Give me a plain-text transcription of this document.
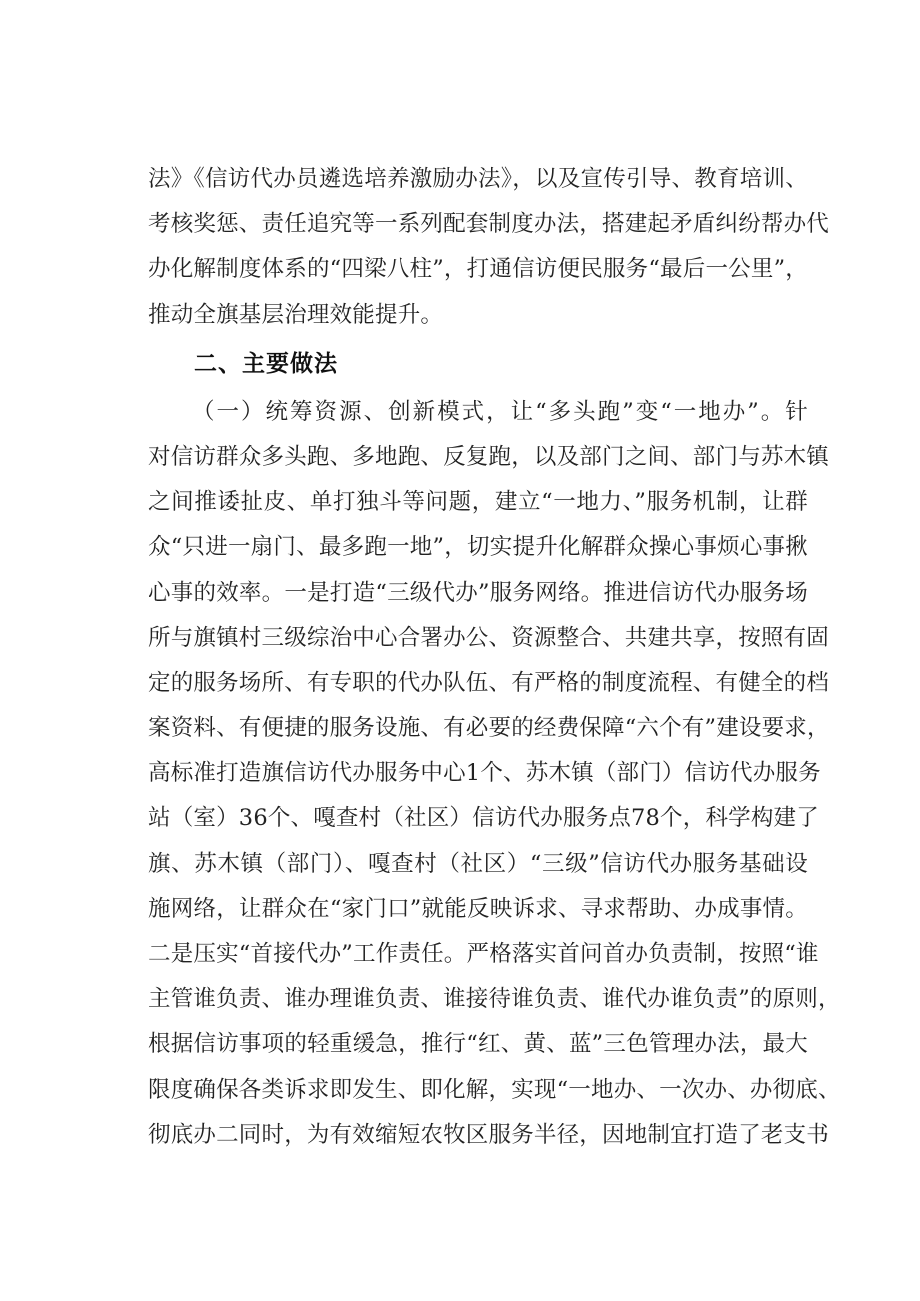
法》《信访代办员遴选培养激励办法》，以及宣传引导、教育培训、
考核奖惩、责任追究等一系列配套制度办法，搭建起矛盾纠纷帮办代
办化解制度体系的“四梁八柱”，打通信访便民服务“最后一公里”，
推动全旗基层治理效能提升。
二、主要做法
（一）统筹资源、创新模式，让“多头跑”变“一地办”。针
对信访群众多头跑、多地跑、反复跑，以及部门之间、部门与苏木镇
之间推诿扯皮、单打独斗等问题，建立“一地力、”服务机制，让群
众“只进一扇门、最多跑一地”，切实提升化解群众操心事烦心事揪
心事的效率。一是打造“三级代办”服务网络。推进信访代办服务场
所与旗镇村三级综治中心合署办公、资源整合、共建共享，按照有固
定的服务场所、有专职的代办队伍、有严格的制度流程、有健全的档
案资料、有便捷的服务设施、有必要的经费保障“六个有”建设要求，
高标准打造旗信访代办服务中心1个、苏木镇（部门）信访代办服务
站（室）36个、嘎查村（社区）信访代办服务点78个，科学构建了
旗、苏木镇（部门）、嘎查村（社区）“三级”信访代办服务基础设
施网络，让群众在“家门口”就能反映诉求、寻求帮助、办成事情。
二是压实“首接代办”工作责任。严格落实首问首办负责制，按照“谁
主管谁负责、谁办理谁负责、谁接待谁负责、谁代办谁负责”的原则，
根据信访事项的轻重缓急，推行“红、黄、蓝”三色管理办法，最大
限度确保各类诉求即发生、即化解，实现“一地办、一次办、办彻底、
彻底办二同时，为有效缩短农牧区服务半径，因地制宜打造了老支书
